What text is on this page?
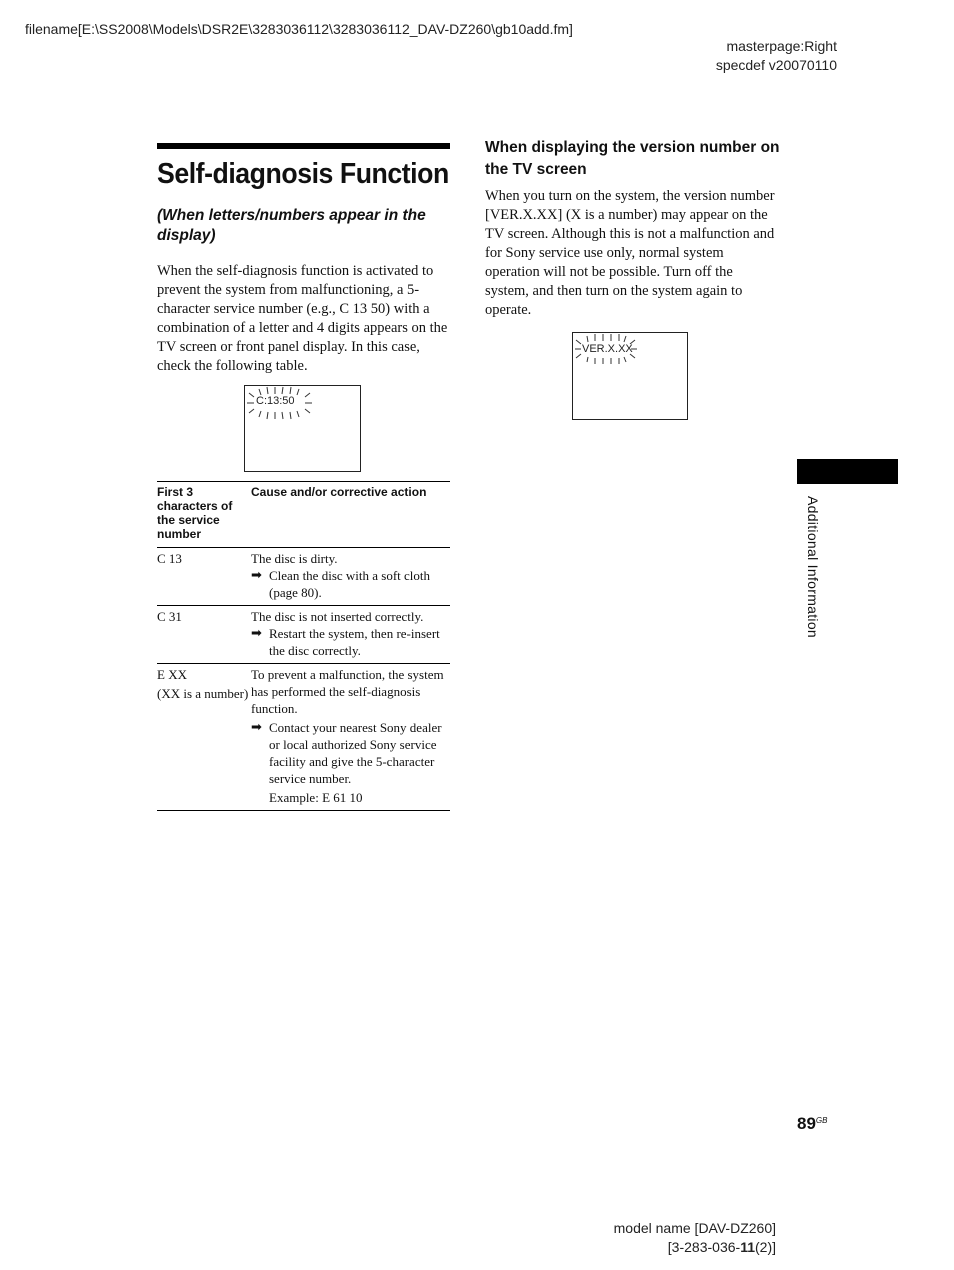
filename[E:\SS2008\Models\DSR2E\3283036112\3283036112_DAV-DZ260\gb10add.fm]
masterpage:Right
specdef v20070110
Self-diagnosis Function
(When letters/numbers appear in the display)
When the self-diagnosis function is activated to prevent the system from malfunctioning, a 5-character service number (e.g., C 13 50) with a combination of a letter and 4 digits appears on the TV screen or front panel display. In this case, check the following table.
C:13:50
First 3 characters of the service number
Cause and/or corrective action
C 13	The disc is dirty.
➡ Clean the disc with a soft cloth (page 80).
C 31	The disc is not inserted correctly.
➡ Restart the system, then re-insert the disc correctly.
E XX
(XX is a number)
To prevent a malfunction, the system has performed the self-diagnosis function.
➡ Contact your nearest Sony dealer or local authorized Sony service facility and give the 5-character service number.
Example: E 61 10
When displaying the version number on the TV screen
When you turn on the system, the version number [VER.X.XX] (X is a number) may appear on the TV screen. Although this is not a malfunction and for Sony service use only, normal system operation will not be possible. Turn off the system, and then turn on the system again to operate.
VER.X.XX
Additional Information
$89^{GB}$
model name [DAV-DZ260]
[3-283-036-11(2)]
